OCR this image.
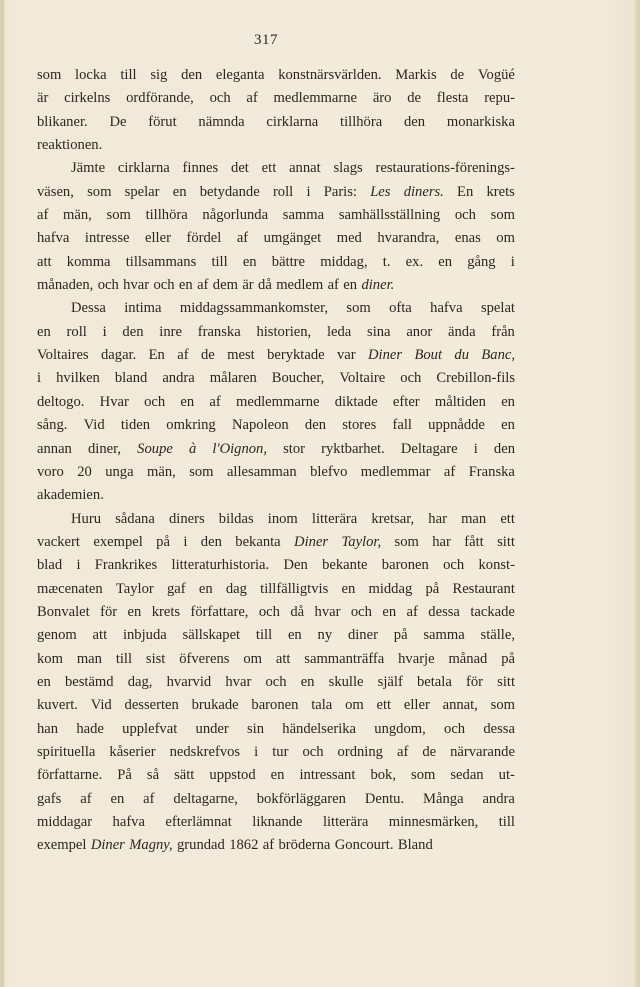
317
som locka till sig den eleganta konstnärsvärlden. Markis de Vogüé
är cirkelns ordförande, och af medlemmarne äro de flesta repu-
blikaner. De förut nämnda cirklarna tillhöra den monarkiska
reaktionen.
Jämte cirklarna finnes det ett annat slags restaurations-förenings-
väsen, som spelar en betydande roll i Paris: Les diners. En krets
af män, som tillhöra någorlunda samma samhällsställning och som
hafva intresse eller fördel af umgänget med hvarandra, enas om
att komma tillsammans till en bättre middag, t. ex. en gång i
månaden, och hvar och en af dem är då medlem af en diner.
Dessa intima middagssammankomster, som ofta hafva spelat
en roll i den inre franska historien, leda sina anor ända från
Voltaires dagar. En af de mest beryktade var Diner Bout du Banc,
i hvilken bland andra målaren Boucher, Voltaire och Crebillon-fils
deltogo. Hvar och en af medlemmarne diktade efter måltiden en
sång. Vid tiden omkring Napoleon den stores fall uppnådde en
annan diner, Soupe à l'Oignon, stor ryktbarhet. Deltagare i den
voro 20 unga män, som allesamman blefvo medlemmar af Franska
akademien.
Huru sådana diners bildas inom litterära kretsar, har man ett
vackert exempel på i den bekanta Diner Taylor, som har fått sitt
blad i Frankrikes litteraturhistoria. Den bekante baronen och konst-
mæcenaten Taylor gaf en dag tillfälligtvis en middag på Restaurant
Bonvalet för en krets författare, och då hvar och en af dessa tackade
genom att inbjuda sällskapet till en ny diner på samma ställe,
kom man till sist öfverens om att sammanträffa hvarje månad på
en bestämd dag, hvarvid hvar och en skulle själf betala för sitt
kuvert. Vid desserten brukade baronen tala om ett eller annat, som
han hade upplefvat under sin händelserika ungdom, och dessa
spirituella kåserier nedskrefvos i tur och ordning af de närvarande
författarne. På så sätt uppstod en intressant bok, som sedan ut-
gafs af en af deltagarne, bokförläggaren Dentu. Många andra
middagar hafva efterlämnat liknande litterära minnesmärken, till
exempel Diner Magny, grundad 1862 af bröderna Goncourt. Bland
